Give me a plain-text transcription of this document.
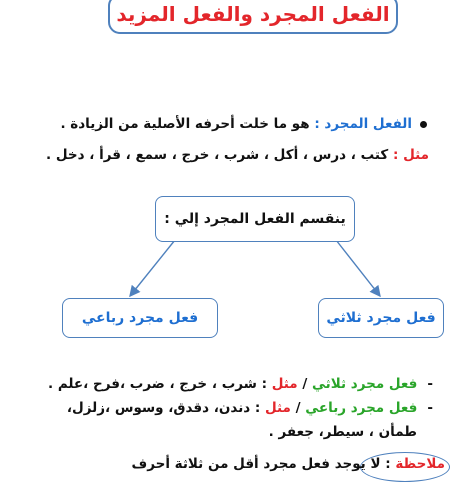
الفعل المجرد والفعل المزيد
الفعل المجرد : هو ما خلت أحرفه الأصلية من الزيادة .
مثل : كتب ، درس ، أكل ، شرب ، خرج ، سمع ، قرأ ، دخل .
ينقسم الفعل المجرد إلي :
فعل مجرد ثلاثي
فعل مجرد رباعي
-فعل مجرد ثلاثي / مثل : شرب ، خرج ، ضرب ،فرح ،علم .
-فعل مجرد رباعي / مثل : دندن، دقدق، وسوس ،زلزل،
طمأن ، سيطر، جعفر .
ملاحظة : لا يوجد فعل مجرد أقل من ثلاثة أحرف
